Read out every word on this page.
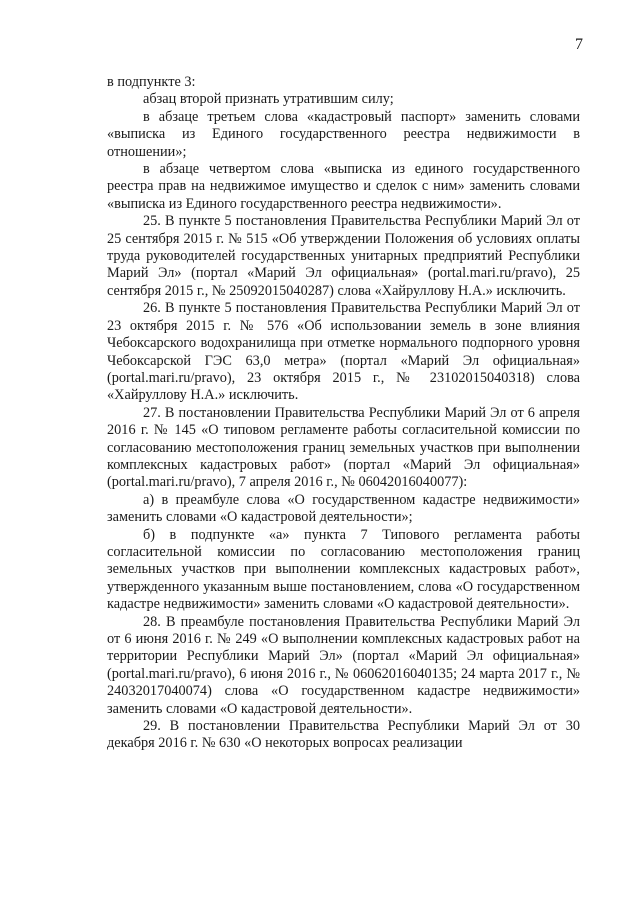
7

в подпункте 3:

абзац второй признать утратившим силу;

в абзаце третьем слова «кадастровый паспорт» заменить словами «выписка из Единого государственного реестра недвижимости в отношении»;

в абзаце четвертом слова «выписка из единого государственного реестра прав на недвижимое имущество и сделок с ним» заменить словами «выписка из Единого государственного реестра недвижимости».

25. В пункте 5 постановления Правительства Республики Марий Эл от 25 сентября 2015 г. № 515 «Об утверждении Положения об условиях оплаты труда руководителей государственных унитарных предприятий Республики Марий Эл» (портал «Марий Эл официальная» (portal.mari.ru/pravo), 25 сентября 2015 г., № 25092015040287) слова «Хайруллову Н.А.» исключить.

26. В пункте 5 постановления Правительства Республики Марий Эл от 23 октября 2015 г. № 576 «Об использовании земель в зоне влияния Чебоксарского водохранилища при отметке нормального подпорного уровня Чебоксарской ГЭС 63,0 метра» (портал «Марий Эл официальная» (portal.mari.ru/pravo), 23 октября 2015 г., № 23102015040318) слова «Хайруллову Н.А.» исключить.

27. В постановлении Правительства Республики Марий Эл от 6 апреля 2016 г. № 145 «О типовом регламенте работы согласительной комиссии по согласованию местоположения границ земельных участков при выполнении комплексных кадастровых работ» (портал «Марий Эл официальная» (portal.mari.ru/pravo), 7 апреля 2016 г., № 06042016040077):

а) в преамбуле слова «О государственном кадастре недвижимости» заменить словами «О кадастровой деятельности»;

б) в подпункте «а» пункта 7 Типового регламента работы согласительной комиссии по согласованию местоположения границ земельных участков при выполнении комплексных кадастровых работ», утвержденного указанным выше постановлением, слова «О государственном кадастре недвижимости» заменить словами «О кадастровой деятельности».

28. В преамбуле постановления Правительства Республики Марий Эл от 6 июня 2016 г. № 249 «О выполнении комплексных кадастровых работ на территории Республики Марий Эл» (портал «Марий Эл официальная» (portal.mari.ru/pravo), 6 июня 2016 г., № 06062016040135; 24 марта 2017 г., № 24032017040074) слова «О государственном кадастре недвижимости» заменить словами «О кадастровой деятельности».

29. В постановлении Правительства Республики Марий Эл от 30 декабря 2016 г. № 630 «О некоторых вопросах реализации
